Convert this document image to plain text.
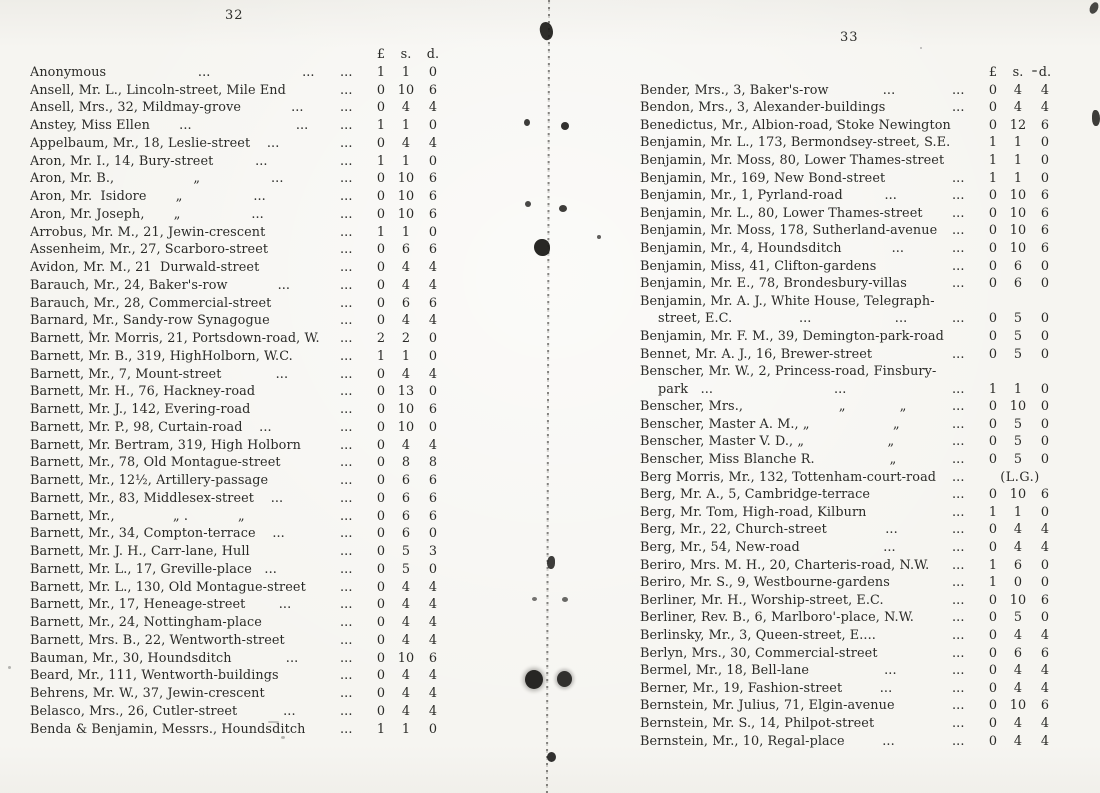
32
33
£	s.	d.
Anonymous                      ...                      ...	...	1	1	0
Ansell, Mr. L., Lincoln-street, Mile End	...	0 10	6
Ansell, Mrs., 32, Mildmay-grove            ...	...	0	4	4
Anstey, Miss Ellen       ...                         ...	...	1	1	0
Appelbaum, Mr., 18, Leslie-street    ...	...	0	4	4
Aron, Mr. I., 14, Bury-street          ...	...	1	1	0
Aron, Mr. B.,                   „                 ...	...	0 10	6
Aron, Mr.  Isidore       „                 ...	...	0 10	6
Aron, Mr. Joseph,       „                 ...	...	0 10	6
Arrobus, Mr. M., 21, Jewin-crescent	...	1	1	0
Assenheim, Mr., 27, Scarboro-street	...	0	6	6
Avidon, Mr. M., 21  Durwald-street	...	0	4	4
Barauch, Mr., 24, Baker's-row            ...	...	0	4	4
Barauch, Mr., 28, Commercial-street	...	0	6	6
Barnard, Mr., Sandy-row Synagogue	...	0	4	4
Barnett, Mr. Morris, 21, Portsdown-road, W.	...	2	2	0
Barnett, Mr. B., 319, HighHolborn, W.C.	...	1	1	0
Barnett, Mr., 7, Mount-street             ...	...	0	4	4
Barnett, Mr. H., 76, Hackney-road	...	0 13	0
Barnett, Mr. J., 142, Evering-road	...	0 10	6
Barnett, Mr. P., 98, Curtain-road    ...	...	0 10	0
Barnett, Mr. Bertram, 319, High Holborn	...	0	4	4
Barnett, Mr., 78, Old Montague-street	...	0	8	8
Barnett, Mr., 12½, Artillery-passage	...	0	6	6
Barnett, Mr., 83, Middlesex-street    ...	...	0	6	6
Barnett, Mr.,              „ .            „	...	0	6	6
Barnett, Mr., 34, Compton-terrace    ...	...	0	6	0
Barnett, Mr. J. H., Carr-lane, Hull	...	0	5	3
Barnett, Mr. L., 17, Greville-place   ...	...	0	5	0
Barnett, Mr. L., 130, Old Montague-street	...	0	4	4
Barnett, Mr., 17, Heneage-street        ...	...	0	4	4
Barnett, Mr., 24, Nottingham-place	...	0	4	4
Barnett, Mrs. B., 22, Wentworth-street	...	0	4	4
Bauman, Mr., 30, Houndsditch             ...	...	0 10	6
Beard, Mr., 111, Wentworth-buildings	...	0	4	4
Behrens, Mr. W., 37, Jewin-crescent	...	0	4	4
Belasco, Mrs., 26, Cutler-street           ...	...	0	4	4
Benda & Benjamin, Messrs., Houndsditch	...	1	1	0
£	s.	d.
Bender, Mrs., 3, Baker's-row             ...	...	0	4	4
Bendon, Mrs., 3, Alexander-buildings	...	0	4	4
Benedictus, Mr., Albion-road, Stoke Newington	0 12	6
Benjamin, Mr. L., 173, Bermondsey-street, S.E.	1	1	0
Benjamin, Mr. Moss, 80, Lower Thames-street	1	1	0
Benjamin, Mr., 169, New Bond-street	...	1	1	0
Benjamin, Mr., 1, Pyrland-road          ...	...	0 10	6
Benjamin, Mr. L., 80, Lower Thames-street	...	0 10	6
Benjamin, Mr. Moss, 178, Sutherland-avenue	...	0 10	6
Benjamin, Mr., 4, Houndsditch            ...	...	0 10	6
Benjamin, Miss, 41, Clifton-gardens	...	0	6	0
Benjamin, Mr. E., 78, Brondesbury-villas	...	0	6	0
Benjamin, Mr. A. J., White House, Telegraph-
street, E.C.                ...                    ...	...	0	5	0
Benjamin, Mr. F. M., 39, Demington-park-road	0	5	0
Bennet, Mr. A. J., 16, Brewer-street	...	0	5	0
Benscher, Mr. W., 2, Princess-road, Finsbury-
park   ...                             ...	...	1	1	0
Benscher, Mrs.,                       „             „	...	0 10	0
Benscher, Master A. M., „                    „	...	0	5	0
Benscher, Master V. D., „                    „	...	0	5	0
Benscher, Miss Blanche R.                  „	...	0	5	0
Berg Morris, Mr., 132, Tottenham-court-road	...	(L.G.)
Berg, Mr. A., 5, Cambridge-terrace	...	0 10	6
Berg, Mr. Tom, High-road, Kilburn	...	1	1	0
Berg, Mr., 22, Church-street              ...	...	0	4	4
Berg, Mr., 54, New-road                    ...	...	0	4	4
Beriro, Mrs. M. H., 20, Charteris-road, N.W.	...	1	6	0
Beriro, Mr. S., 9, Westbourne-gardens	...	1	0	0
Berliner, Mr. H., Worship-street, E.C.	...	0 10	6
Berliner, Rev. B., 6, Marlboro'-place, N.W.	...	0	5	0
Berlinsky, Mr., 3, Queen-street, E....	...	0	4	4
Berlyn, Mrs., 30, Commercial-street	...	0	6	6
Bermel, Mr., 18, Bell-lane                  ...	...	0	4	4
Berner, Mr., 19, Fashion-street         ...	...	0	4	4
Bernstein, Mr. Julius, 71, Elgin-avenue	...	0 10	6
Bernstein, Mr. S., 14, Philpot-street	...	0	4	4
Bernstein, Mr., 10, Regal-place         ...	...	0	4	4
